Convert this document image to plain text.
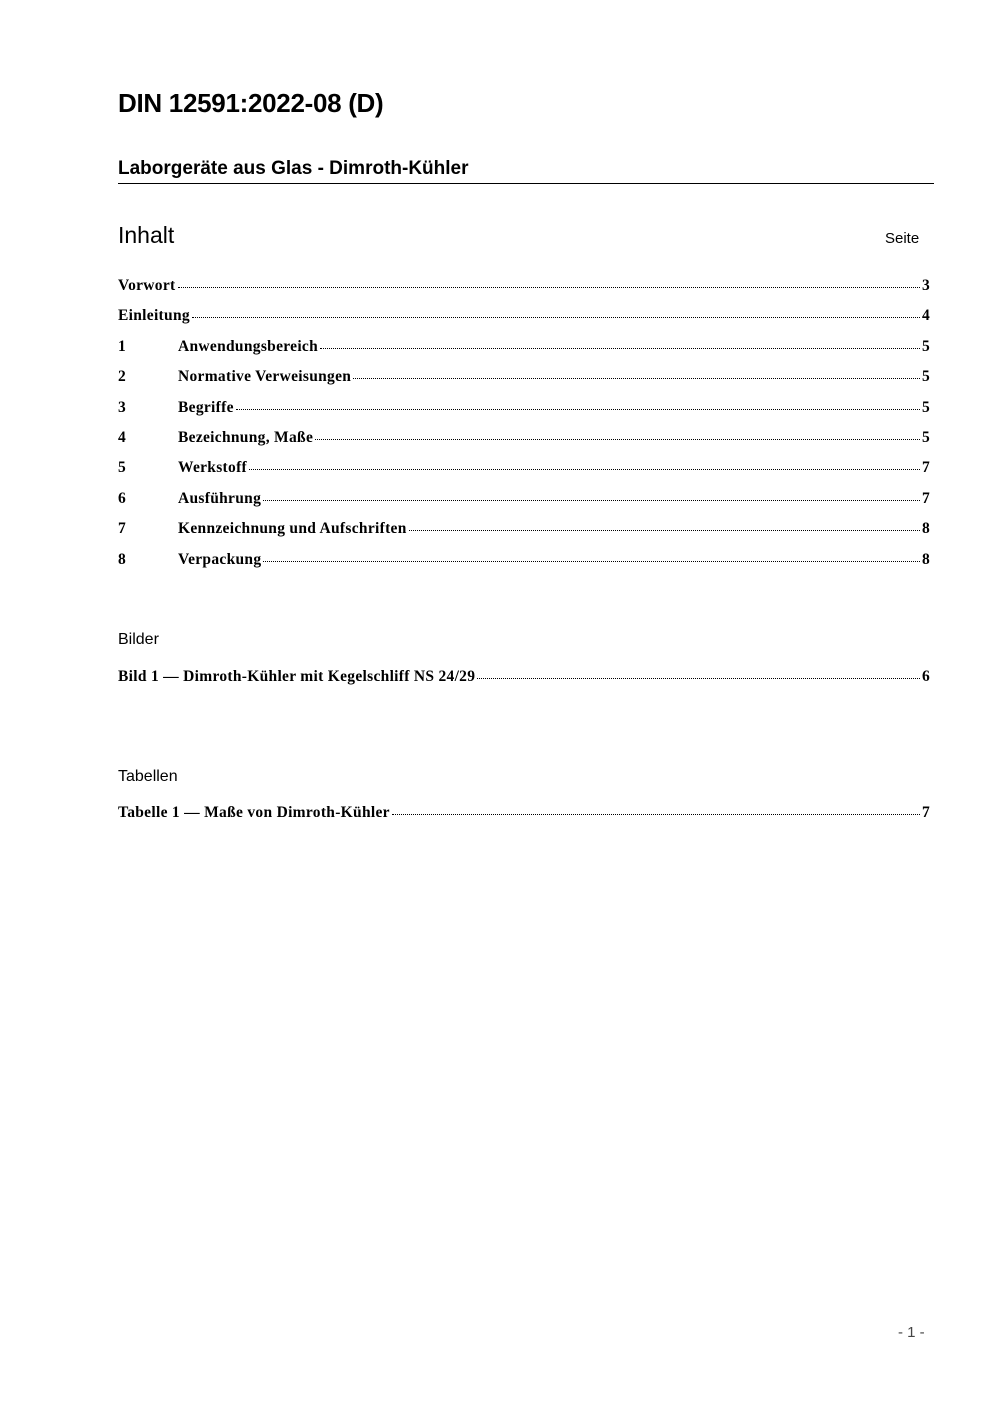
DIN 12591:2022-08 (D)
Laborgeräte aus Glas - Dimroth-Kühler
Inhalt	Seite
Vorwort	3
Einleitung	4
1	Anwendungsbereich	5
2	Normative Verweisungen	5
3	Begriffe	5
4	Bezeichnung, Maße	5
5	Werkstoff	7
6	Ausführung	7
7	Kennzeichnung und Aufschriften	8
8	Verpackung	8
Bilder
Bild 1 — Dimroth-Kühler mit Kegelschliff NS 24/29	6
Tabellen
Tabelle 1 — Maße von Dimroth-Kühler	7
- 1 -
